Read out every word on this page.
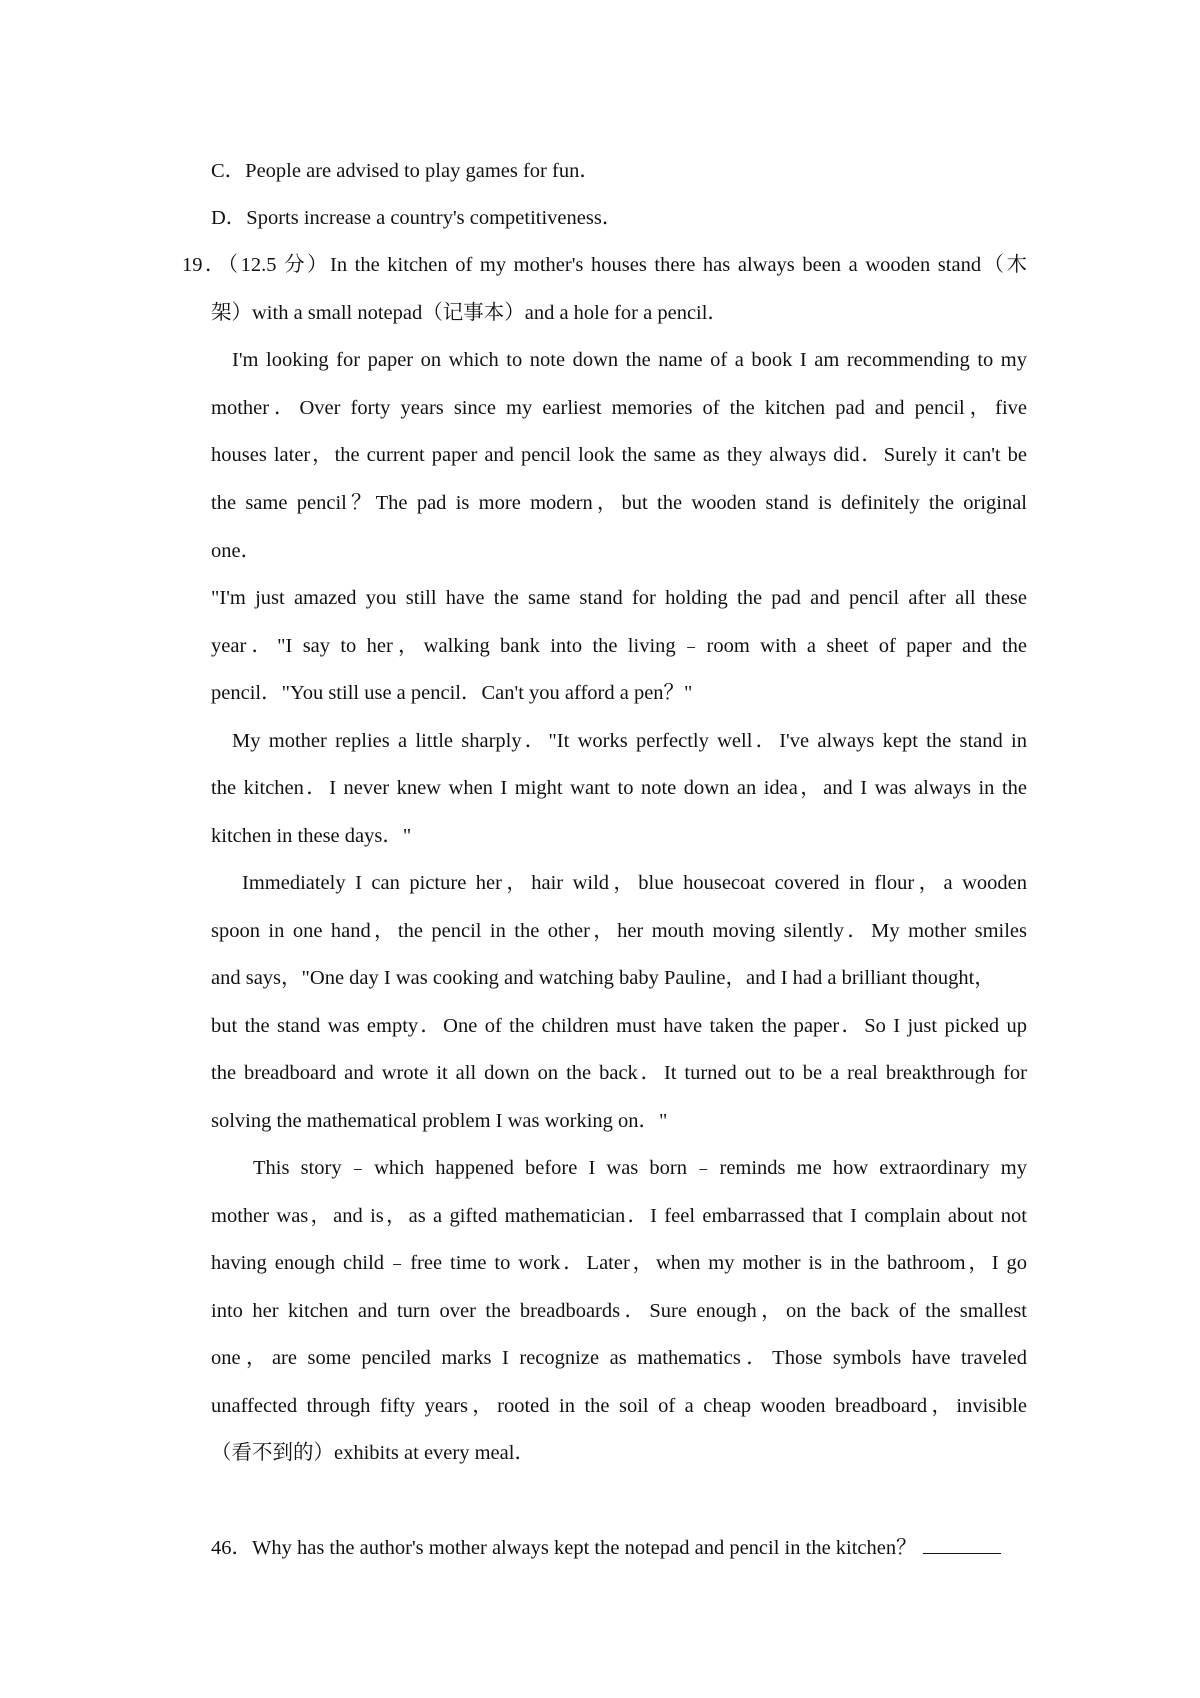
C．People are advised to play games for fun．
D．Sports increase a country's competitiveness．
19．（12.5 分）In the kitchen of my mother's houses there has always been a wooden stand（木
架）with a small notepad（记事本）and a hole for a pencil．
I'm looking for paper on which to note down the name of a book I am recommending to my
mother．Over forty years since my earliest memories of the kitchen pad and pencil，five
houses later，the current paper and pencil look the same as they always did．Surely it can't be
the same pencil？The pad is more modern，but the wooden stand is definitely the original
one．
"I'm just amazed you still have the same stand for holding the pad and pencil after all these
year．"I say to her，walking bank into the living﹣room with a sheet of paper and the
pencil．"You still use a pencil．Can't you afford a pen？"
My mother replies a little sharply．"It works perfectly well．I've always kept the stand in
the kitchen．I never knew when I might want to note down an idea，and I was always in the
kitchen in these days．"
Immediately I can picture her，hair wild，blue housecoat covered in flour，a wooden
spoon in one hand，the pencil in the other，her mouth moving silently．My mother smiles
and says，"One day I was cooking and watching baby Pauline，and I had a brilliant thought，
but the stand was empty．One of the children must have taken the paper．So I just picked up
the breadboard and wrote it all down on the back．It turned out to be a real breakthrough for
solving the mathematical problem I was working on．"
This story﹣which happened before I was born﹣reminds me how extraordinary my
mother was，and is，as a gifted mathematician．I feel embarrassed that I complain about not
having enough child﹣free time to work．Later，when my mother is in the bathroom，I go
into her kitchen and turn over the breadboards．Sure enough，on the back of the smallest
one，are some penciled marks I recognize as mathematics．Those symbols have traveled
unaffected through fifty years，rooted in the soil of a cheap wooden breadboard，invisible
（看不到的）exhibits at every meal．
46．Why has the author's mother always kept the notepad and pencil in the kitchen？
